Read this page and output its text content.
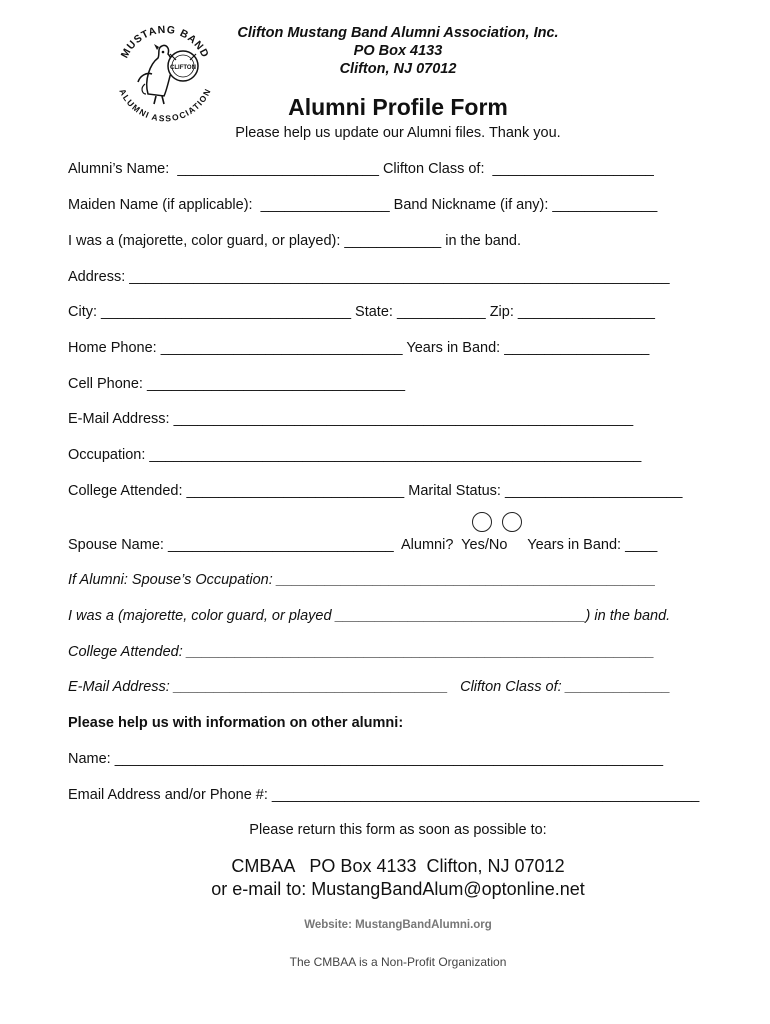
MUSTANG BAND
ALUMNI ASSOCIATION
CLIFTON
Clifton Mustang Band Alumni Association, Inc.
PO Box 4133
Clifton, NJ 07012
Alumni Profile Form
Please help us update our Alumni files. Thank you.
Alumni’s Name:  _________________________ Clifton Class of:  ____________________
Maiden Name (if applicable):  ________________ Band Nickname (if any): _____________
I was a (majorette, color guard, or played): ____________ in the band.
Address: ___________________________________________________________________
City: _______________________________ State: ___________ Zip: _________________
Home Phone: ______________________________ Years in Band: __________________
Cell Phone: ________________________________
E-Mail Address: _________________________________________________________
Occupation: _____________________________________________________________
College Attended: ___________________________ Marital Status: ______________________
Spouse Name: ____________________________  Alumni?  Yes/No     Years in Band: ____
If Alumni: Spouse’s Occupation: _______________________________________________
I was a (majorette, color guard, or played _______________________________) in the band.
College Attended: __________________________________________________________
E-Mail Address: __________________________________   Clifton Class of: _____________
Please help us with information on other alumni:
Name: ____________________________________________________________________
Email Address and/or Phone #: _____________________________________________________
Please return this form as soon as possible to:
CMBAA   PO Box 4133  Clifton, NJ 07012
or e-mail to: MustangBandAlum@optonline.net
Website: MustangBandAlumni.org
The CMBAA is a Non-Profit Organization
